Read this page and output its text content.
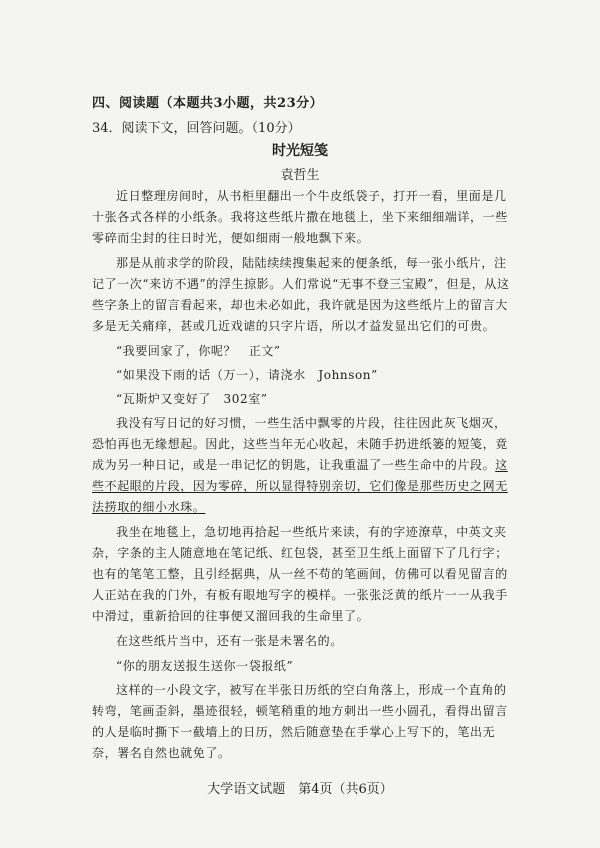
四、阅读题（本题共3小题，共23分）
34．阅读下文，回答问题。（10分）
时光短笺
袁哲生

近日整理房间时，从书柜里翻出一个牛皮纸袋子，打开一看，里面是几十张各式各样的小纸条。我将这些纸片撒在地毯上，坐下来细细端详，一些零碎而尘封的往日时光，便如细雨一般地飘下来。

那是从前求学的阶段，陆陆续续搜集起来的便条纸，每一张小纸片，注记了一次“来访不遇”的浮生掠影。人们常说“无事不登三宝殿”，但是，从这些字条上的留言看起来，却也未必如此，我许就是因为这些纸片上的留言大多是无关痛痒，甚或几近戏谑的只字片语，所以才益发显出它们的可贵。

“我要回家了，你呢？　正文”

“如果没下雨的话（万一），请浇水　Johnson”

“瓦斯炉又变好了　302室”

我没有写日记的好习惯，一些生活中飘零的片段，往往因此灰飞烟灭，恐怕再也无缘想起。因此，这些当年无心收起，未随手扔进纸篓的短笺，竟成为另一种日记，或是一串记忆的钥匙，让我重温了一些生命中的片段。这些不起眼的片段，因为零碎，所以显得特别亲切，它们像是那些历史之网无法捞取的细小水珠。

我坐在地毯上，急切地再拾起一些纸片来读，有的字迹潦草，中英文夹杂，字条的主人随意地在笔记纸、红包袋，甚至卫生纸上面留下了几行字；也有的笔笔工整，且引经据典，从一丝不苟的笔画间，仿佛可以看见留言的人正站在我的门外，有板有眼地写字的模样。一张张泛黄的纸片一一从我手中滑过，重新拾回的往事便又溜回我的生命里了。

在这些纸片当中，还有一张是未署名的。

“你的朋友送报生送你一袋报纸”

这样的一小段文字，被写在半张日历纸的空白角落上，形成一个直角的转弯，笔画歪斜，墨迹很轻，顿笔稍重的地方刺出一些小圆孔，看得出留言的人是临时撕下一截墙上的日历，然后随意垫在手掌心上写下的，笔出无奈，署名自然也就免了。

大学语文试题　第4页（共6页）
